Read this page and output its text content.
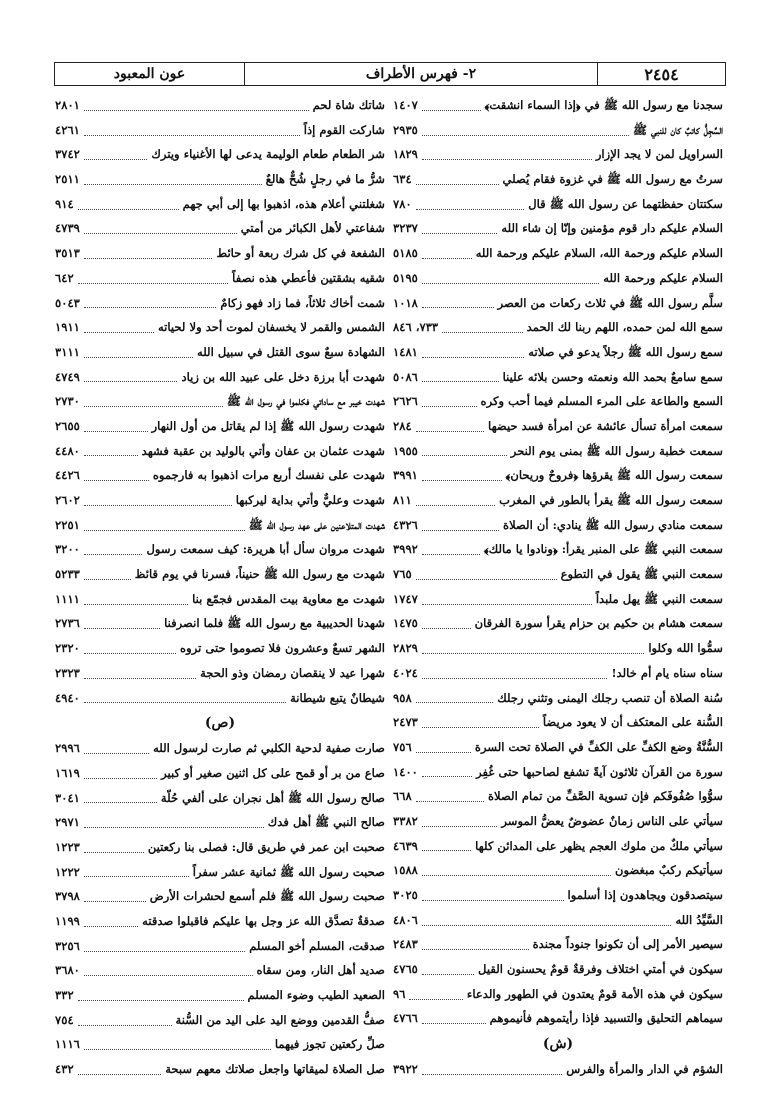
٢٤٥٤
٢- فهرس الأطراف
عون المعبود
سجدنا مع رسول الله ﷺ في ﴿إذا السماء انشقت﴾
١٤٠٧
السِّجِلُّ كاتبٌ كان للنبي ﷺ
٢٩٣٥
السراويل لمن لا يجد الإزار
١٨٢٩
سرتُ مع رسول الله ﷺ في غزوة فقام يُصلي
٦٣٤
سكتتان حفظتهما عن رسول الله ﷺ قال
٧٨٠
السلام عليكم دار قوم مؤمنين وإنّا إن شاء الله
٣٢٣٧
السلام عليكم ورحمة الله، السلام عليكم ورحمة الله
٥١٨٥
السلام عليكم ورحمة الله
٥١٩٥
سلَّم رسول الله ﷺ في ثلاث ركعات من العصر
١٠١٨
سمع الله لمن حمده، اللهم ربنا لك الحمد
٧٣٣، ٨٤٦
سمع رسول الله ﷺ رجلاً يدعو في صلاته
١٤٨١
سمع سامعٌ بحمد الله ونعمته وحسن بلائه علينا
٥٠٨٦
السمع والطاعة على المرء المسلم فيما أحب وكره
٢٦٢٦
سمعت امرأة تسأل عائشة عن امرأة فسد حيضها
٢٨٤
سمعت خطبة رسول الله ﷺ بمنى يوم النحر
١٩٥٥
سمعت رسول الله ﷺ يقرؤها ﴿فروحٌ وريحان﴾
٣٩٩١
سمعت رسول الله ﷺ يقرأ بالطور في المغرب
٨١١
سمعت منادي رسول الله ﷺ ينادي: أن الصلاة
٤٣٢٦
سمعت النبي ﷺ على المنبر يقرأ: ﴿ونادوا يا مالك﴾
٣٩٩٢
سمعت النبي ﷺ يقول في التطوع
٧٦٥
سمعت النبي ﷺ يهل ملبداً
١٧٤٧
سمعت هشام بن حكيم بن حزام يقرأ سورة الفرقان
١٤٧٥
سمُّوا الله وكلوا
٢٨٢٩
سناه سناه يام أم خالد!
٤٠٢٤
سُنة الصلاة أن تنصب رجلك اليمنى وتثني رجلك
٩٥٨
السُّنة على المعتكف أن لا يعود مريضاً
٢٤٧٣
السُّنَّةُ وضع الكفِّ على الكفِّ في الصلاة تحت السرة
٧٥٦
سورة من القرآن ثلاثون آيةً تشفع لصاحبها حتى غُفِر
١٤٠٠
سوُّوا صُفُوفَكم فإن تسوية الصَّفِّ من تمام الصلاة
٦٦٨
سيأتي على الناس زمانٌ عضوضٌ يعضُّ الموسر
٣٣٨٢
سيأتي ملكٌ من ملوك العجم يظهر على المدائن كلها
٤٦٣٩
سيأتيكم ركبٌ مبغضون
١٥٨٨
سيتصدقون ويجاهدون إذا أسلموا
٣٠٢٥
السَّيِّدُ الله
٤٨٠٦
سيصير الأمر إلى أن تكونوا جنوداً مجندة
٢٤٨٣
سيكون في أمتي اختلاف وفرقةٌ قومٌ يحسنون القيل
٤٧٦٥
سيكون في هذه الأمة قومٌ يعتدون في الطهور والدعاء
٩٦
سيماهم التحليق والتسبيد فإذا رأيتموهم فأنيموهم
٤٧٦٦
(ش)
الشؤم في الدار والمرأة والفرس
٣٩٢٢
شاتك شاة لحم
٢٨٠١
شاركت القوم إذاً
٤٢٦١
شر الطعام طعام الوليمة يدعى لها الأغنياء ويترك
٣٧٤٢
شرُّ ما في رجلٍ شُحٌّ هالعٌ
٢٥١١
شغلتني أعلام هذه، اذهبوا بها إلى أبي جهم
٩١٤
شفاعتي لأهل الكبائر من أمتي
٤٧٣٩
الشفعة في كل شرك ربعة أو حائط
٣٥١٣
شقيه بشقتين فأعطي هذه نصفاً
٦٤٢
شمت أخاك ثلاثاً، فما زاد فهو زكامٌ
٥٠٤٣
الشمس والقمر لا يخسفان لموت أحد ولا لحياته
١٩١١
الشهادة سبعٌ سوى القتل في سبيل الله
٣١١١
شهدت أبا برزة دخل على عبيد الله بن زياد
٤٧٤٩
شهدت خيبر مع ساداتي فكلموا في رسول الله ﷺ
٢٧٣٠
شهدت رسول الله ﷺ إذا لم يقاتل من أول النهار
٢٦٥٥
شهدت عثمان بن عفان وأتي بالوليد بن عقبة فشهد
٤٤٨٠
شهدت على نفسك أربع مرات اذهبوا به فارجموه
٤٤٢٦
شهدت وعليٌّ وأتي بداية ليركبها
٢٦٠٢
شهدت المتلاعنين على عهد رسول الله ﷺ
٢٢٥١
شهدت مروان سأل أبا هريرة: كيف سمعت رسول
٣٢٠٠
شهدت مع رسول الله ﷺ حنيناً، فسرنا في يوم قائظ
٥٢٣٣
شهدت مع معاوية بيت المقدس فجمّع بنا
١١١١
شهدنا الحديبية مع رسول الله ﷺ فلما انصرفنا
٢٧٣٦
الشهر تسعٌ وعشرون فلا تصوموا حتى تروه
٢٣٢٠
شهرا عيد لا ينقصان رمضان وذو الحجة
٢٣٢٣
شيطانٌ يتبع شيطانة
٤٩٤٠
(ص)
صارت صفية لدحية الكلبي ثم صارت لرسول الله
٢٩٩٦
صاع من بر أو قمح على كل اثنين صغير أو كبير
١٦١٩
صالح رسول الله ﷺ أهل نجران على ألفي حُلّة
٣٠٤١
صالح النبي ﷺ أهل فدك
٢٩٧١
صحبت ابن عمر في طريق قال: فصلى بنا ركعتين
١٢٢٣
صحبت رسول الله ﷺ ثمانية عشر سفراً
١٢٢٢
صحبت رسول الله ﷺ فلم أسمع لحشرات الأرض
٣٧٩٨
صدقةٌ تصدَّق الله عز وجل بها عليكم فاقبلوا صدقته
١١٩٩
صدقت، المسلم أخو المسلم
٣٢٥٦
صديد أهل النار، ومن سقاه
٣٦٨٠
الصعيد الطيب وضوء المسلم
٣٣٢
صفُّ القدمين ووضع اليد على اليد من السُّنة
٧٥٤
صلِّ ركعتين تجوز فيهما
١١١٦
صل الصلاة لميقاتها واجعل صلاتك معهم سبحة
٤٣٢
